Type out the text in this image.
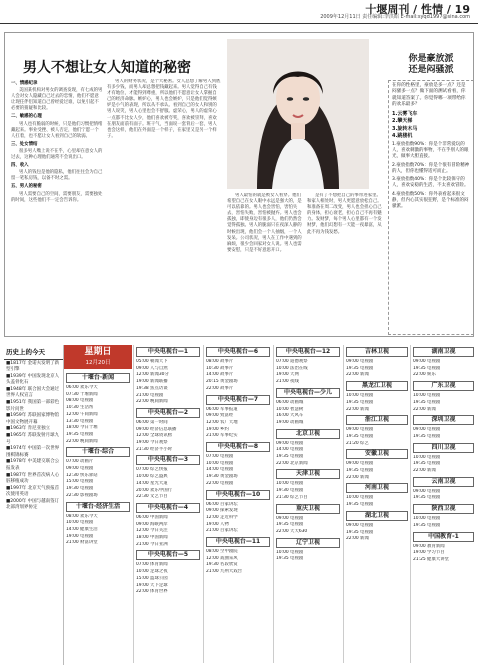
十堰周刊 / 性情 / 19
2009年12月11日 责任编辑:李洪昭 E-mail:syqd1997@sina.com
男人不想让女人知道的秘密
一、情感纪录
美国某机构对男女的调查发现，有七成的男人会对女人隐藏自己过去的恋情，他们不愿意让现任伴侣知道自己曾经爱过谁，以免引起不必要的猜疑和比较。
二、敏感的心理
男人也有脆弱的时候，只是他们习惯把情绪藏起来。事业受挫、被人否定，他们宁愿一个人扛着，也不愿让女人看到自己的软弱。
三、处女情结
很多男人嘴上说不在乎，心里却在意女人的过去，这种心理他们通常不会说出口。
四、收入
男人的钱包是他的隐私，他们往往会为自己留一笔私房钱，以备不时之需。
五、男人的秘密
男人需要自己的空间，需要朋友，需要独处的时间，这些他们不一定会告诉你。
男人的财务状况，是个大秘密。女人总想了解男人到底有多少钱，而男人却总想把钱藏起来。男人觉得自己有钱才有地位，才能得到尊重，所以他们不愿意让女人掌握自己的经济命脉。嫉妒心，男人也会嫉妒，只是他们觉得嫉妒是小气的表现，所以从不承认。看到自己的女人和别的男人说笑，男人心里也会不舒服。虚荣心，男人的虚荣心一点都不比女人少，他们喜欢被夸奖，喜欢被崇拜，喜欢在朋友面前有面子。班干气，当面说一套背后一套，男人也会这样，他们在外面是一个样子，在家里又是另一个样子。
男人最怕的就是被女人看穿。他们希望自己在女人眼中永远是强大的，是可以依靠的。男人也会害怕，害怕失去，害怕失败，害怕被抛弃。男人也会孤独，即使身边有很多人，他们仍然会觉得孤独。男人的脆弱只在夜深人静的时候出现，他们会一个人抽烟，一个人发呆。公司状况，男人在工作中遇到的麻烦，很少会回家对女人说。男人也需要安慰，只是不好意思开口。
是有了不想把自己的事带进家里。和家人相处时，男人更愿意放松自己。和准备在周二改变，男人也会担心自己的身体，担心衰老，担心自己不再有魅力。发财梦，每个男人心里都有一个发财梦，他们幻想有一天能一夜暴富，从此不再为钱发愁。
你是豪放派
还是闷骚派
在你的性格里，豪放是多一点？还是闷骚多一点？做下面的测试看看，你就知道答案了。你觉得哪一项带给你的欢乐最多？
1.云雾飞车
2.攀天梯
3.旋转木马
4.跳楼机
1.豪放指数90%：你是个非常爱玩的人，喜欢刺激的事物，不在乎别人的眼光，做事大胆直接。
2.豪放指数70%：你是个很有冒险精神的人，但你也懂得适可而止。
3.豪放指数40%：你是个比较保守的人，喜欢安稳的生活，不太喜欢冒险。
4.豪放指数50%：你外表看起来很文静，但内心其实很狂野，是个标准的闷骚派。
历史上的今天
■1817年 金诺夫发明了新型引擎
■1939年 中国发现北京人头盖骨化石
■1948年 联合国大会通过世界人权宣言
■1951年 我国第一部彩色影片问世
■1959年 苏联国家博物馆中国文物展开幕
■1963年 肯尼亚独立
■1965年 苏联发射月球九号
■1974年 中国第一次世界围棋锦标赛
■1978年 中美建交联合公报发表
■1987年 世界首次病人心脏移植成功
■1997年 北京天气预报首次使用英语
■2000年 中国与越南签订北部湾划界协定
星期日
12月20日
十堰台·新闻
06:00 欢乐今天
07:30 十堰新闻
08:00 电视剧
10:30 生活帮
12:00 午间新闻
13:30 电视剧
18:00 今日十堰
19:35 电视剧
22:00 晚间新闻
十堰台·综合
07:00 动画片
09:00 电视剧
12:30 快乐驿站
15:00 电视剧
19:30 电视剧
22:30 影视剧场
十堰台·经济生活
08:00 欢乐今天
10:00 电视剧
14:00 健康生活
19:00 电视剧
21:00 财富讲堂
中央电视台—1
05:00 朝闻天下
09:00 人与自然
12:00 新闻30分
19:00 新闻联播
19:38 焦点访谈
21:00 电视剧
22:00 晚间新闻
中央电视台—2
06:00 第一时间
09:00 经济信息联播
12:00 全球资讯榜
19:00 今日观察
21:30 经济半小时
中央电视台—3
07:00 综艺快报
10:00 综艺盛典
14:00 星光大道
20:00 欢乐中国行
22:30 文艺节目
中央电视台—4
06:00 中国新闻
09:00 海峡两岸
12:00 今日关注
18:00 中国新闻
21:00 今日亚洲
中央电视台—5
07:00 体育新闻
10:00 足球之夜
15:00 篮球公园
19:00 天下足球
22:00 体育世界
中央电视台—6
08:00 故事片
10:30 故事片
14:00 故事片
20:15 黄金剧场
22:00 故事片
中央电视台—7
06:00 军事报道
09:00 致富经
12:00 农广天地
19:00 乡约
21:00 军事纪实
中央电视台—8
07:00 电视剧
10:00 电视剧
14:00 电视剧
19:30 黄金剧场
22:00 电视剧
中央电视台—10
06:00 百家讲坛
09:00 探索发现
12:00 走近科学
19:00 人物
21:00 百家讲坛
中央电视台—11
08:00 空中剧院
12:00 戏曲采风
19:30 名段欣赏
21:00 九州大戏台
中央电视台—12
07:00 道德观察
10:00 法治在线
19:00 天网
21:00 夜线
中央电视台—少儿
06:00 动画城
10:00 智慧树
16:00 大风车
19:00 动画城
北京卫视
09:00 电视剧
14:00 电视剧
19:35 电视剧
22:00 北京新闻
天津卫视
10:00 电视剧
19:30 电视剧
21:30 综艺节目
重庆卫视
09:00 电视剧
19:35 电视剧
22:00 天天630
辽宁卫视
10:00 电视剧
19:35 电视剧
吉林卫视
09:00 电视剧
19:35 电视剧
22:00 新闻
黑龙江卫视
10:00 电视剧
19:35 电视剧
22:00 新闻
浙江卫视
09:00 电视剧
19:35 电视剧
21:20 综艺
安徽卫视
09:00 电视剧
19:35 电视剧
22:00 新闻
河南卫视
10:00 电视剧
19:35 电视剧
湖北卫视
09:00 电视剧
19:35 电视剧
22:00 新闻
湖南卫视
09:00 电视剧
19:35 电视剧
22:00 娱乐
广东卫视
10:00 电视剧
19:35 电视剧
22:00 新闻
深圳卫视
09:00 电视剧
19:35 电视剧
四川卫视
10:00 电视剧
19:35 电视剧
22:00 新闻
云南卫视
09:00 电视剧
19:35 电视剧
陕西卫视
10:00 电视剧
19:35 电视剧
中国教育-1
09:00 教育新闻
19:00 学习节目
21:25 健康大讲堂
